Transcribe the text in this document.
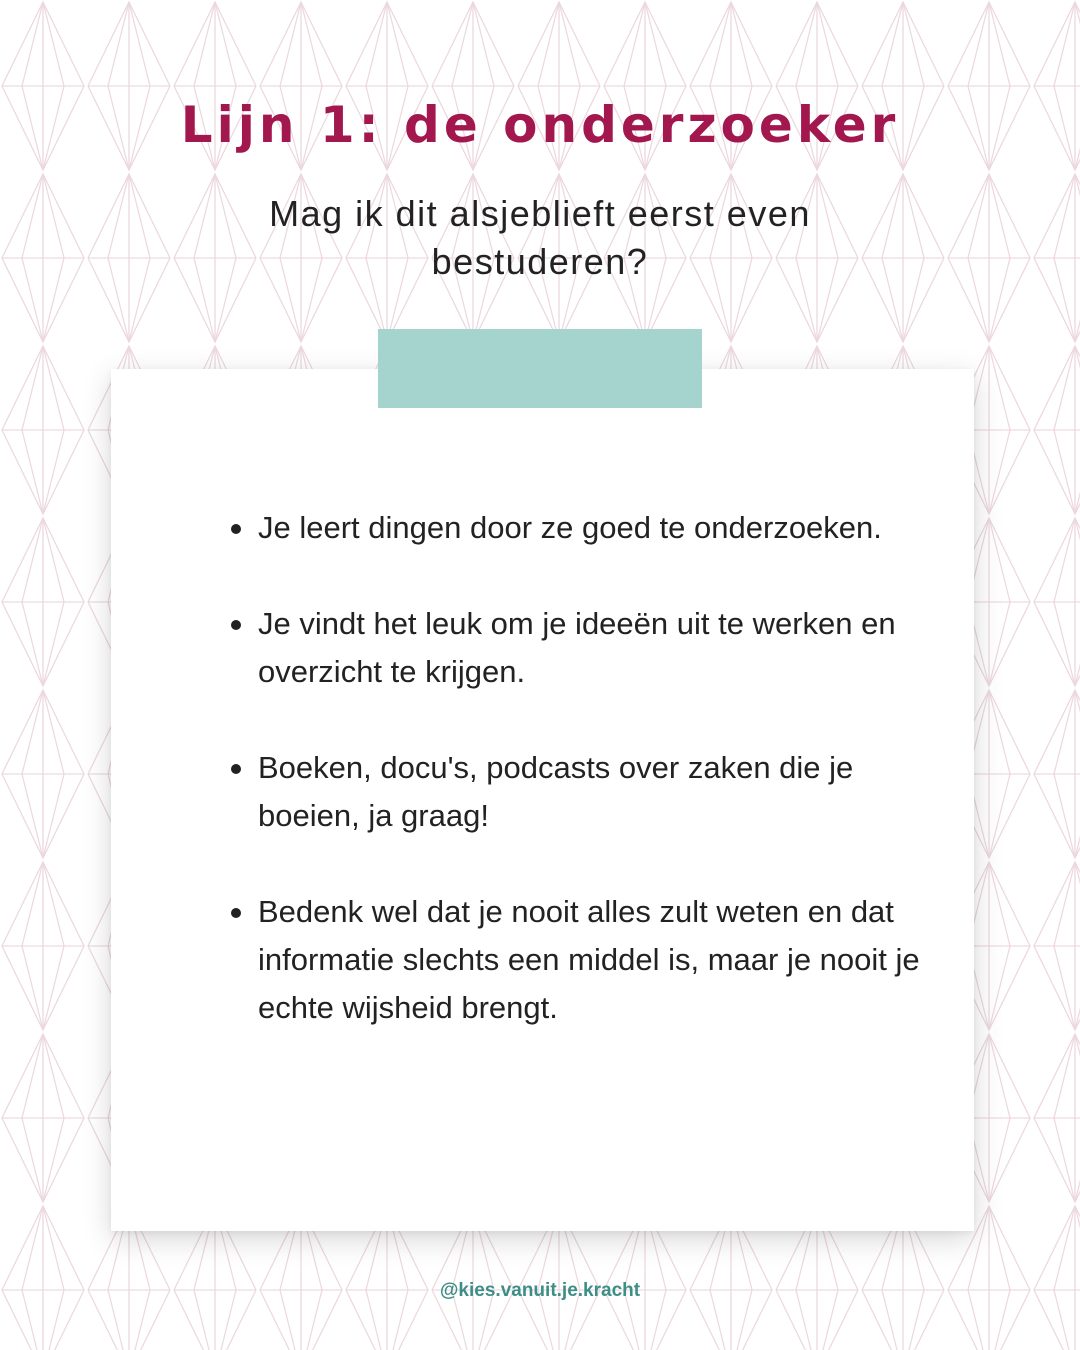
Lijn 1: de onderzoeker

Mag ik dit alsjeblieft eerst even bestuderen?

Je leert dingen door ze goed te onderzoeken.
Je vindt het leuk om je ideeën uit te werken en overzicht te krijgen.
Boeken, docu's, podcasts over zaken die je boeien, ja graag!
Bedenk wel dat je nooit alles zult weten en dat informatie slechts een middel is, maar je nooit je echte wijsheid brengt.
@kies.vanuit.je.kracht
